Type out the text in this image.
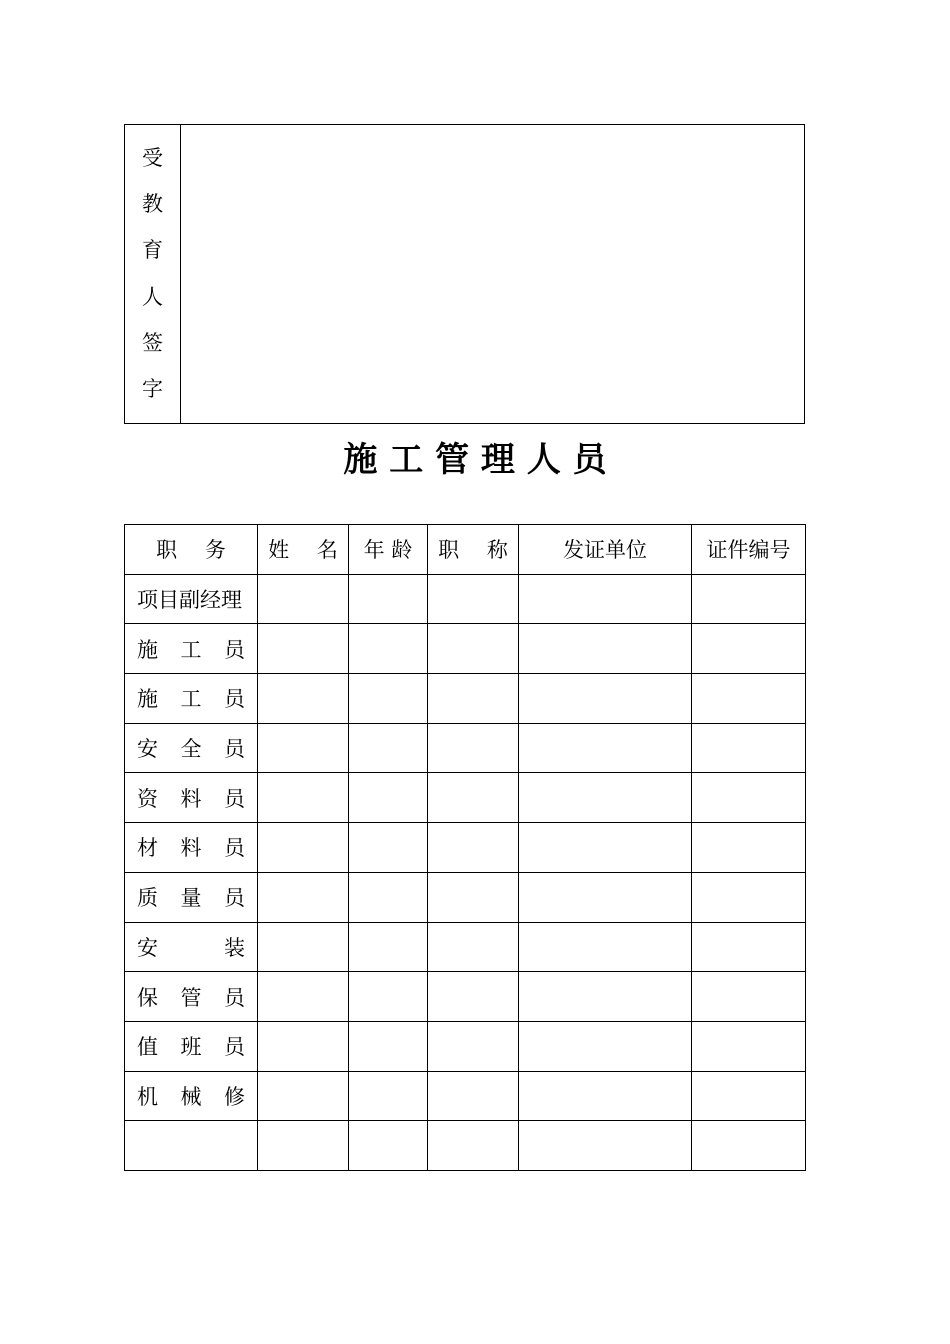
受
教
育
人
签
字
施 工 管 理 人 员
职　 务	姓　 名	年 龄	职　 称	发证单位	证件编号

项目副经理					

施 工 员					

施 工 员					

安 全 员					

资 料 员					

材 料 员					

质 量 员					

安 装					

保 管 员					

值 班 员					

机 械 修					
